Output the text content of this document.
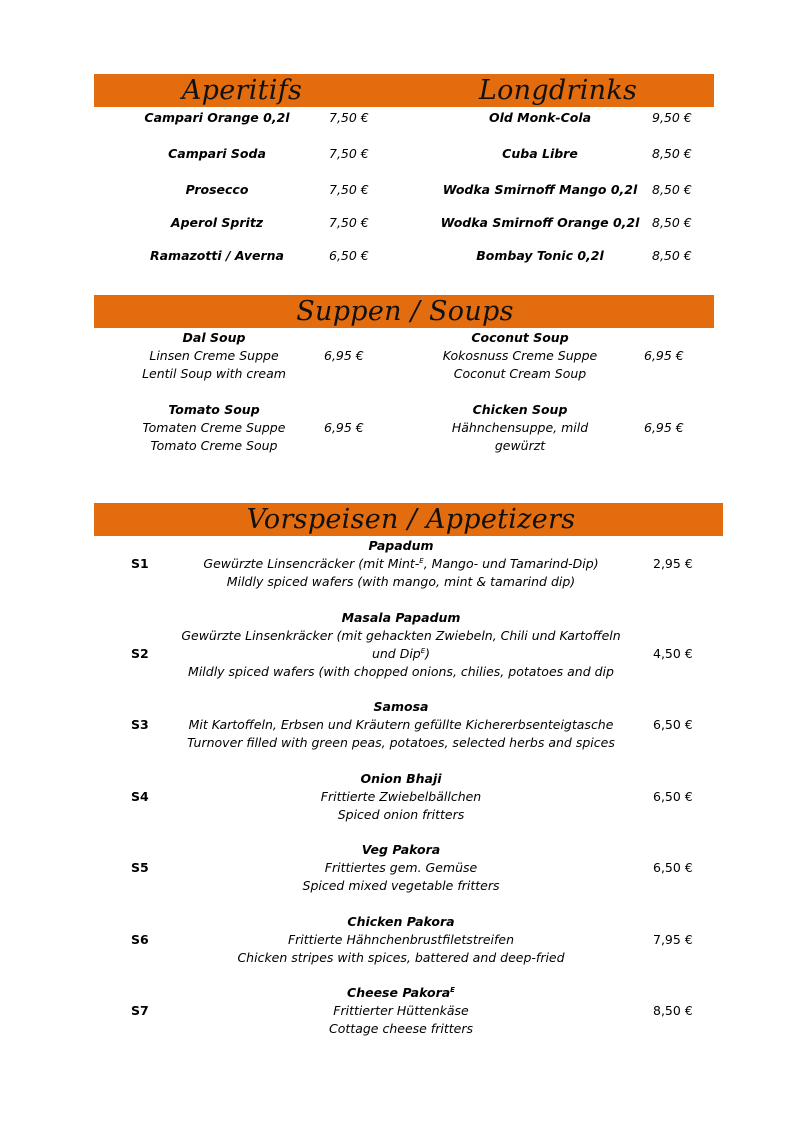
Aperitifs	Longdrinks
Campari Orange 0,2l	7,50 €
Campari Soda	7,50 €
Prosecco	7,50 €
Aperol Spritz	7,50 €
Ramazotti / Averna	6,50 €
Old Monk-Cola	9,50 €
Cuba Libre	8,50 €
Wodka Smirnoff Mango 0,2l 8,50 €
Wodka Smirnoff Orange 0,2l 8,50 €
Bombay Tonic 0,2l	8,50 €
Suppen / Soups
Dal Soup
Linsen Creme Suppe
Lentil Soup with cream
6,95 €
Coconut Soup
Kokosnuss Creme Suppe
Coconut Cream Soup
6,95 €
Tomato Soup
Tomaten Creme Suppe
Tomato Creme Soup
6,95 €
Chicken Soup
Hähnchensuppe, mild
gewürzt
6,95 €
Vorspeisen / Appetizers
S1
Papadum
Gewürzte Linsencräcker (mit Mint-$^E$, Mango- und Tamarind-Dip)
Mildly spiced wafers (with mango, mint & tamarind dip)
2,95 €
S2
Masala Papadum
Gewürzte Linsenkräcker (mit gehackten Zwiebeln, Chili und Kartoffeln
und Dip$^E$)
Mildly spiced wafers (with chopped onions, chilies, potatoes and dip
4,50 €
S3
Samosa
Mit Kartoffeln, Erbsen und Kräutern gefüllte Kichererbsenteigtasche
Turnover filled with green peas, potatoes, selected herbs and spices
6,50 €
S4
Onion Bhaji
Frittierte Zwiebelbällchen
Spiced onion fritters
6,50 €
S5
Veg Pakora
Frittiertes gem. Gemüse
Spiced mixed vegetable fritters
6,50 €
S6
Chicken Pakora
Frittierte Hähnchenbrustfiletstreifen
Chicken stripes with spices, battered and deep-fried
7,95 €
S7
Cheese Pakora$^E$
Frittierter Hüttenkäse
Cottage cheese fritters
8,50 €
